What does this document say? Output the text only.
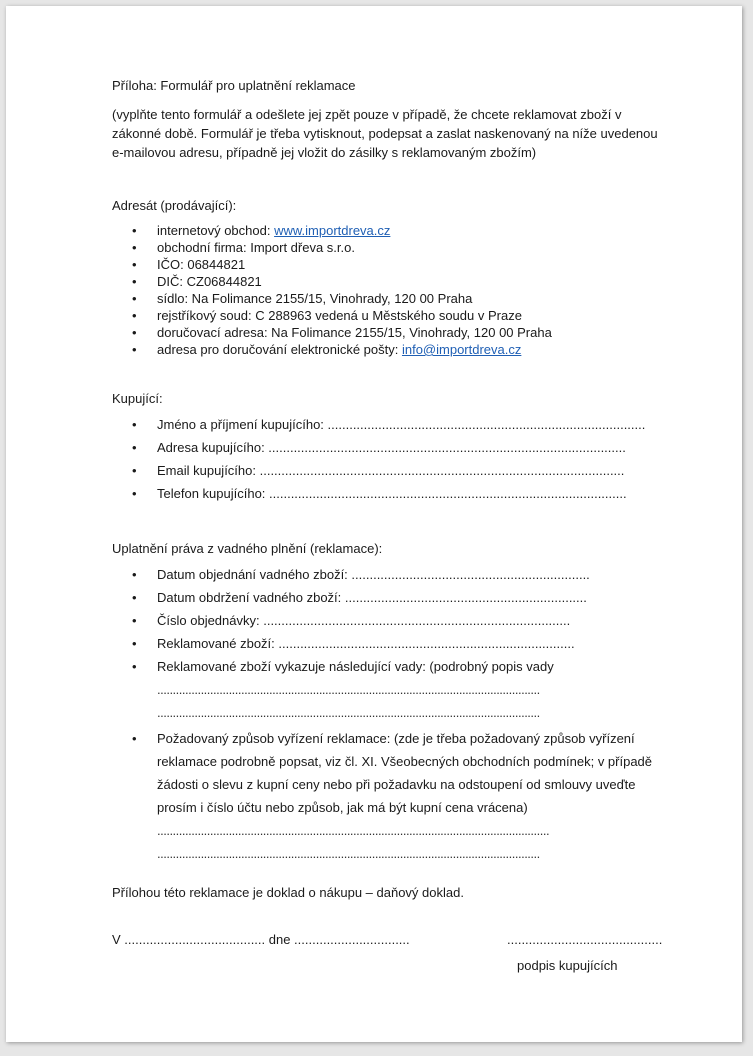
Příloha: Formulář pro uplatnění reklamace

(vyplňte tento formulář a odešlete jej zpět pouze v případě, že chcete reklamovat zboží v zákonné době. Formulář je třeba vytisknout, podepsat a zaslat naskenovaný na níže uvedenou e-mailovou adresu, případně jej vložit do zásilky s reklamovaným zbožím)

Adresát (prodávající):

• internetový obchod: www.importdreva.cz
• obchodní firma: Import dřeva s.r.o.
• IČO: 06844821
• DIČ: CZ06844821
• sídlo: Na Folimance 2155/15, Vinohrady, 120 00 Praha
• rejstříkový soud: C 288963 vedená u Městského soudu v Praze
• doručovací adresa: Na Folimance 2155/15, Vinohrady, 120 00 Praha
• adresa pro doručování elektronické pošty: info@importdreva.cz

Kupující:

• Jméno a příjmení kupujícího: ........................................................................................
• Adresa kupujícího: ...................................................................................................
• Email kupujícího: .....................................................................................................
• Telefon kupujícího: ...................................................................................................

Uplatnění práva z vadného plnění (reklamace):

• Datum objednání vadného zboží: ..................................................................
• Datum obdržení vadného zboží: ...................................................................
• Číslo objednávky: .....................................................................................
• Reklamované zboží: ..................................................................................
• Reklamované zboží vykazuje následující vady: (podrobný popis vady
...........................................................................................................................
...........................................................................................................................
• Požadovaný způsob vyřízení reklamace: (zde je třeba požadovaný způsob vyřízení reklamace podrobně popsat, viz čl. XI. Všeobecných obchodních podmínek; v případě žádosti o slevu z kupní ceny nebo při požadavku na odstoupení od smlouvy uveďte prosím i číslo účtu nebo způsob, jak má být kupní cena vrácena)
..............................................................................................................................
...........................................................................................................................

Přílohou této reklamace je doklad o nákupu – daňový doklad.

V ....................................... dne ................................	...........................................
podpis kupujících
